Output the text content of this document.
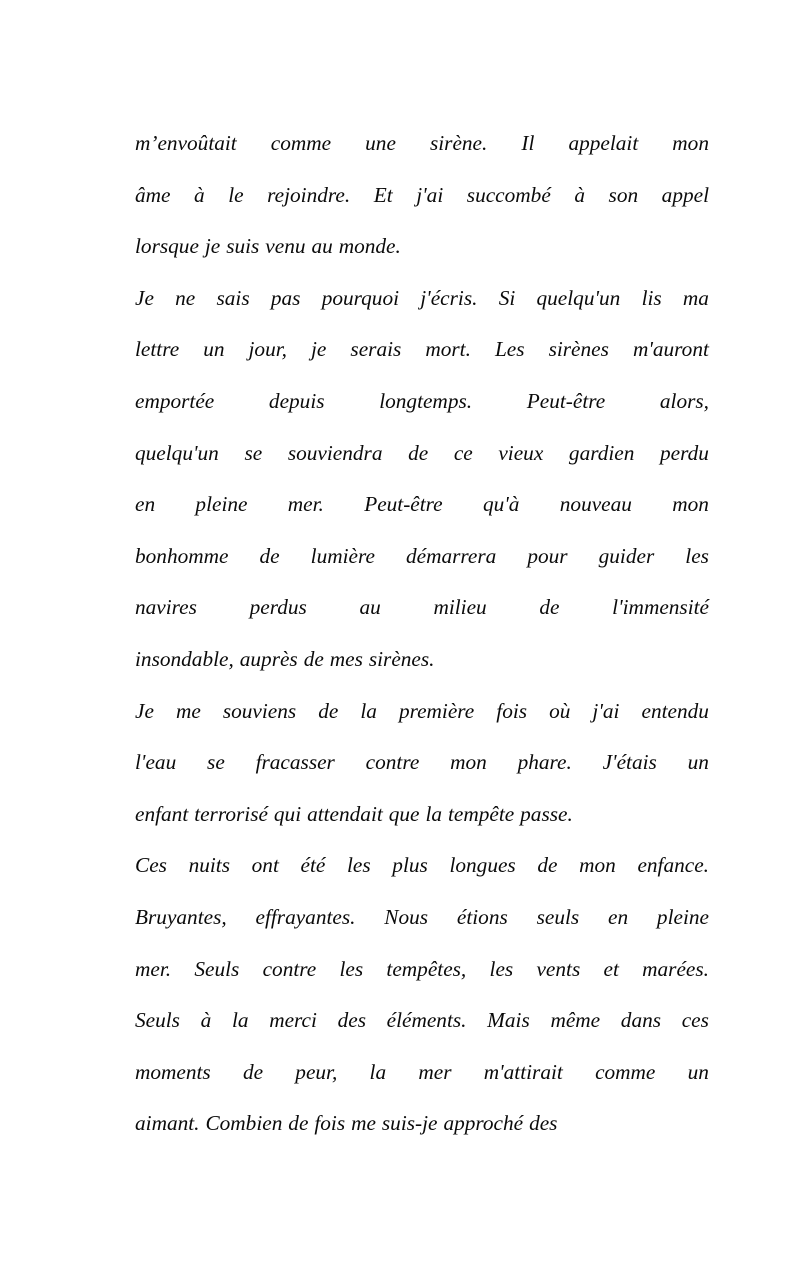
m’envoûtait comme une sirène. Il appelait mon
âme à le rejoindre. Et j'ai succombé à son appel
lorsque je suis venu au monde.

Je ne sais pas pourquoi j'écris. Si quelqu'un lis ma
lettre un jour, je serais mort. Les sirènes m'auront
emportée	depuis	longtemps.	Peut-être	alors,
quelqu'un se souviendra de ce vieux gardien perdu
en pleine mer. Peut-être qu'à nouveau mon
bonhomme de lumière démarrera pour guider les
navires perdus au milieu de l'immensité
insondable, auprès de mes sirènes.

Je me souviens de la première fois où j'ai entendu
l'eau se fracasser contre mon phare. J'étais un
enfant terrorisé qui attendait que la tempête passe.

Ces nuits ont été les plus longues de mon enfance.
Bruyantes, effrayantes. Nous étions seuls en pleine
mer. Seuls contre les tempêtes, les vents et marées.
Seuls à la merci des éléments. Mais même dans ces
moments de peur, la mer m'attirait comme un
aimant. Combien de fois me suis-je approché des
